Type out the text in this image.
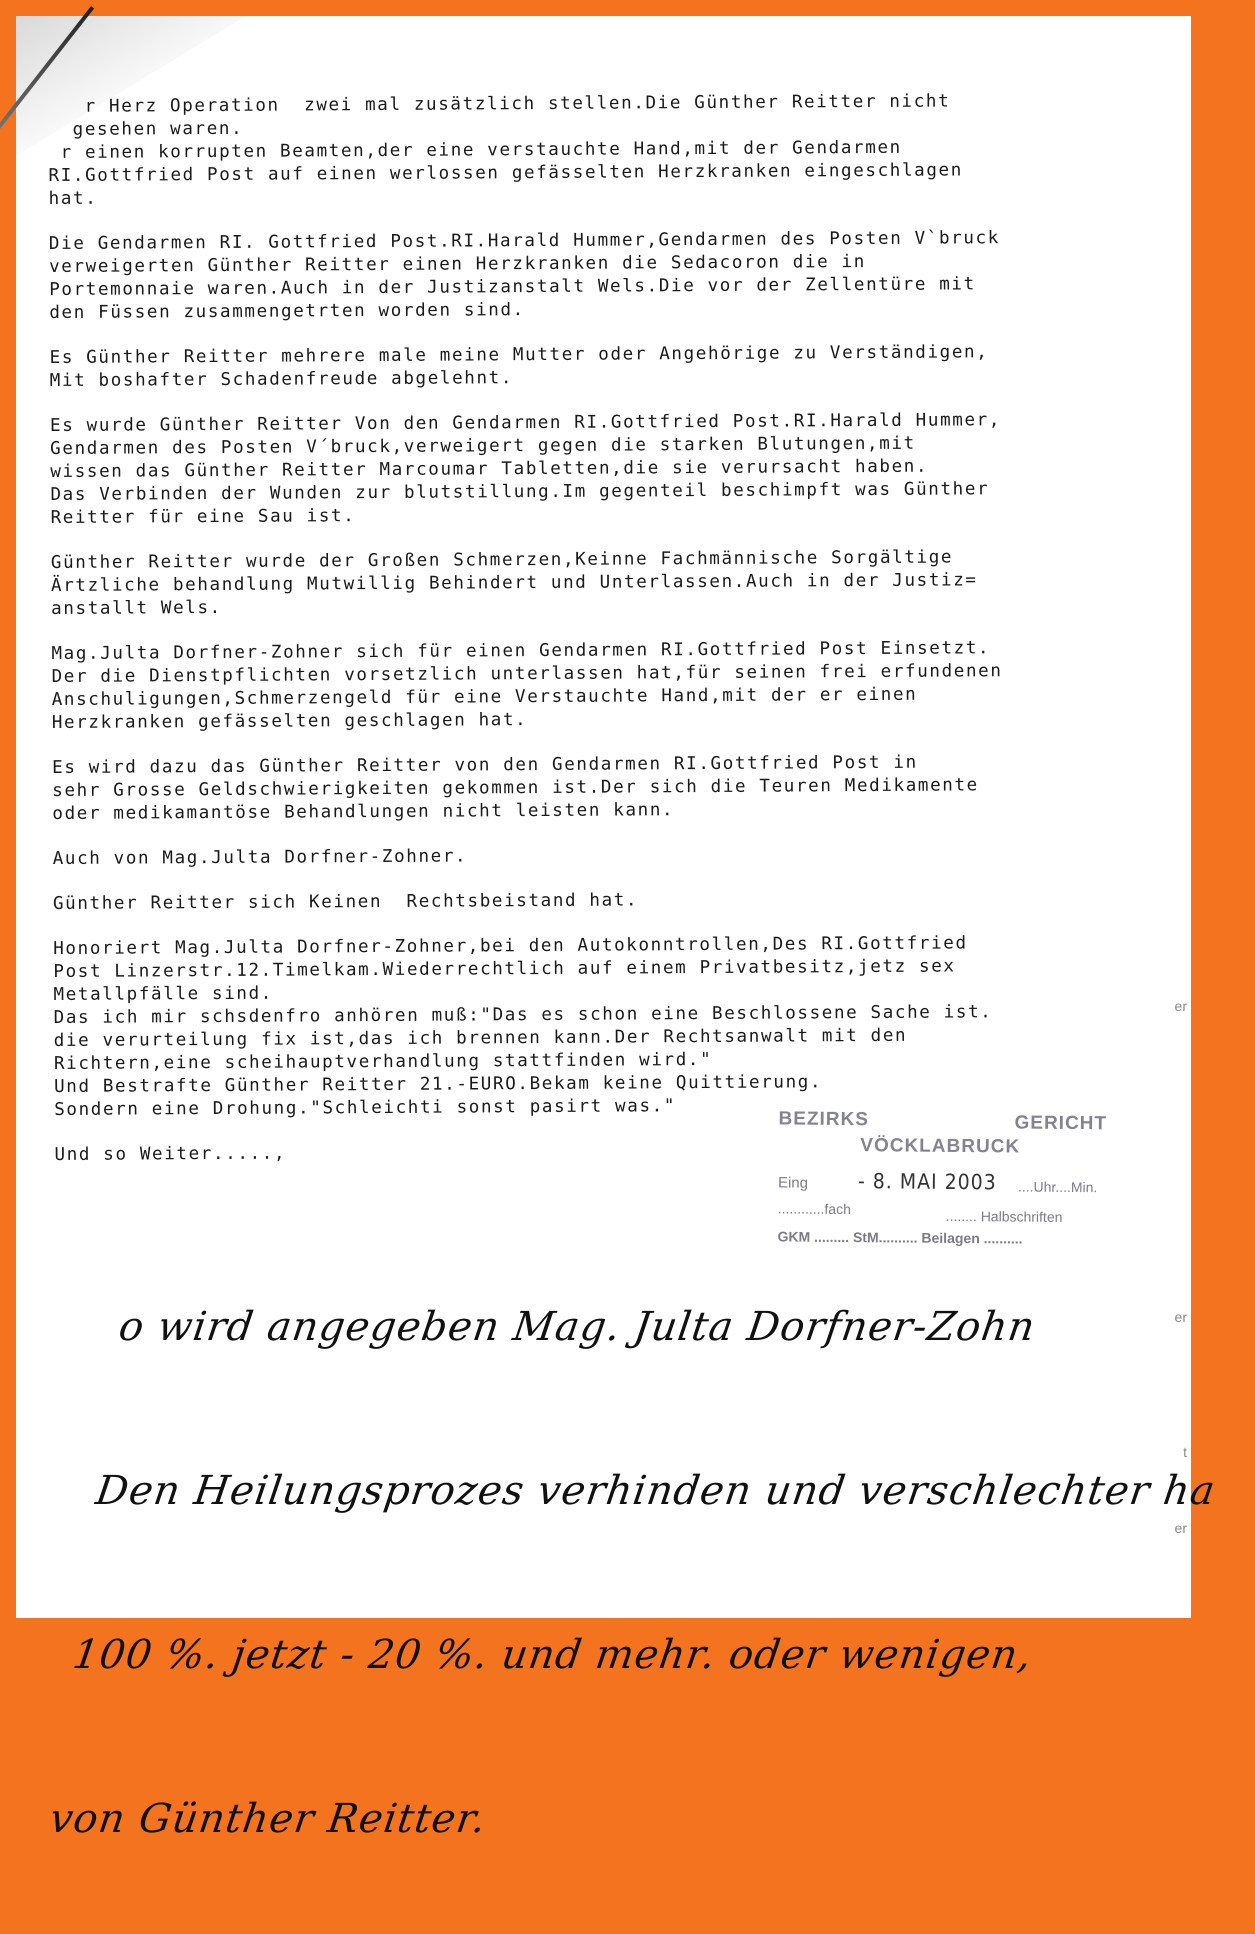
r Herz Operation  zwei mal zusätzlich stellen.Die Günther Reitter nicht
gesehen waren.
r einen korrupten Beamten,der eine verstauchte Hand,mit der Gendarmen
RI.Gottfried Post auf einen werlossen gefässelten Herzkranken eingeschlagen
hat.
Die Gendarmen RI. Gottfried Post.RI.Harald Hummer,Gendarmen des Posten V`bruck
verweigerten Günther Reitter einen Herzkranken die Sedacoron die in
Portemonnaie waren.Auch in der Justizanstalt Wels.Die vor der Zellentüre mit
den Füssen zusammengetrten worden sind.
Es Günther Reitter mehrere male meine Mutter oder Angehörige zu Verständigen,
Mit boshafter Schadenfreude abgelehnt.
Es wurde Günther Reitter Von den Gendarmen RI.Gottfried Post.RI.Harald Hummer,
Gendarmen des Posten V´bruck,verweigert gegen die starken Blutungen,mit
wissen das Günther Reitter Marcoumar Tabletten,die sie verursacht haben.
Das Verbinden der Wunden zur blutstillung.Im gegenteil beschimpft was Günther
Reitter für eine Sau ist.
Günther Reitter wurde der Großen Schmerzen,Keinne Fachmännische Sorgältige
Ärtzliche behandlung Mutwillig Behindert und Unterlassen.Auch in der Justiz=
anstallt Wels.
Mag.Julta Dorfner-Zohner sich für einen Gendarmen RI.Gottfried Post Einsetzt.
Der die Dienstpflichten vorsetzlich unterlassen hat,für seinen frei erfundenen
Anschuligungen,Schmerzengeld für eine Verstauchte Hand,mit der er einen
Herzkranken gefässelten geschlagen hat.
Es wird dazu das Günther Reitter von den Gendarmen RI.Gottfried Post in
sehr Grosse Geldschwierigkeiten gekommen ist.Der sich die Teuren Medikamente
oder medikamantöse Behandlungen nicht leisten kann.
Auch von Mag.Julta Dorfner-Zohner.
Günther Reitter sich Keinen  Rechtsbeistand hat.
Honoriert Mag.Julta Dorfner-Zohner,bei den Autokonntrollen,Des RI.Gottfried
Post Linzerstr.12.Timelkam.Wiederrechtlich auf einem Privatbesitz,jetz sex
Metallpfälle sind.
Das ich mir schsdenfro anhören muß:"Das es schon eine Beschlossene Sache ist.
die verurteilung fix ist,das ich brennen kann.Der Rechtsanwalt mit den
Richtern,eine scheihauptverhandlung stattfinden wird."
Und Bestrafte Günther Reitter 21.-EURO.Bekam keine Quittierung.
Sondern eine Drohung."Schleichti sonst pasirt was."
Und so Weiter.....,
BEZIRKS	GERICHT
VÖCKLABRUCK
Eing - 8. MAI 2003 ....Uhr....Min.
............fach	........ Halbschriften
GKM ......... StM.......... Beilagen ..........

o wird angegeben Mag. Julta Dorfner-Zohn

Den Heilungsprozes verhinden und verschlechter ha

100 %. jetzt - 20 %. und mehr. oder wenigen,

von Günther Reitter.

er
er
t
er
